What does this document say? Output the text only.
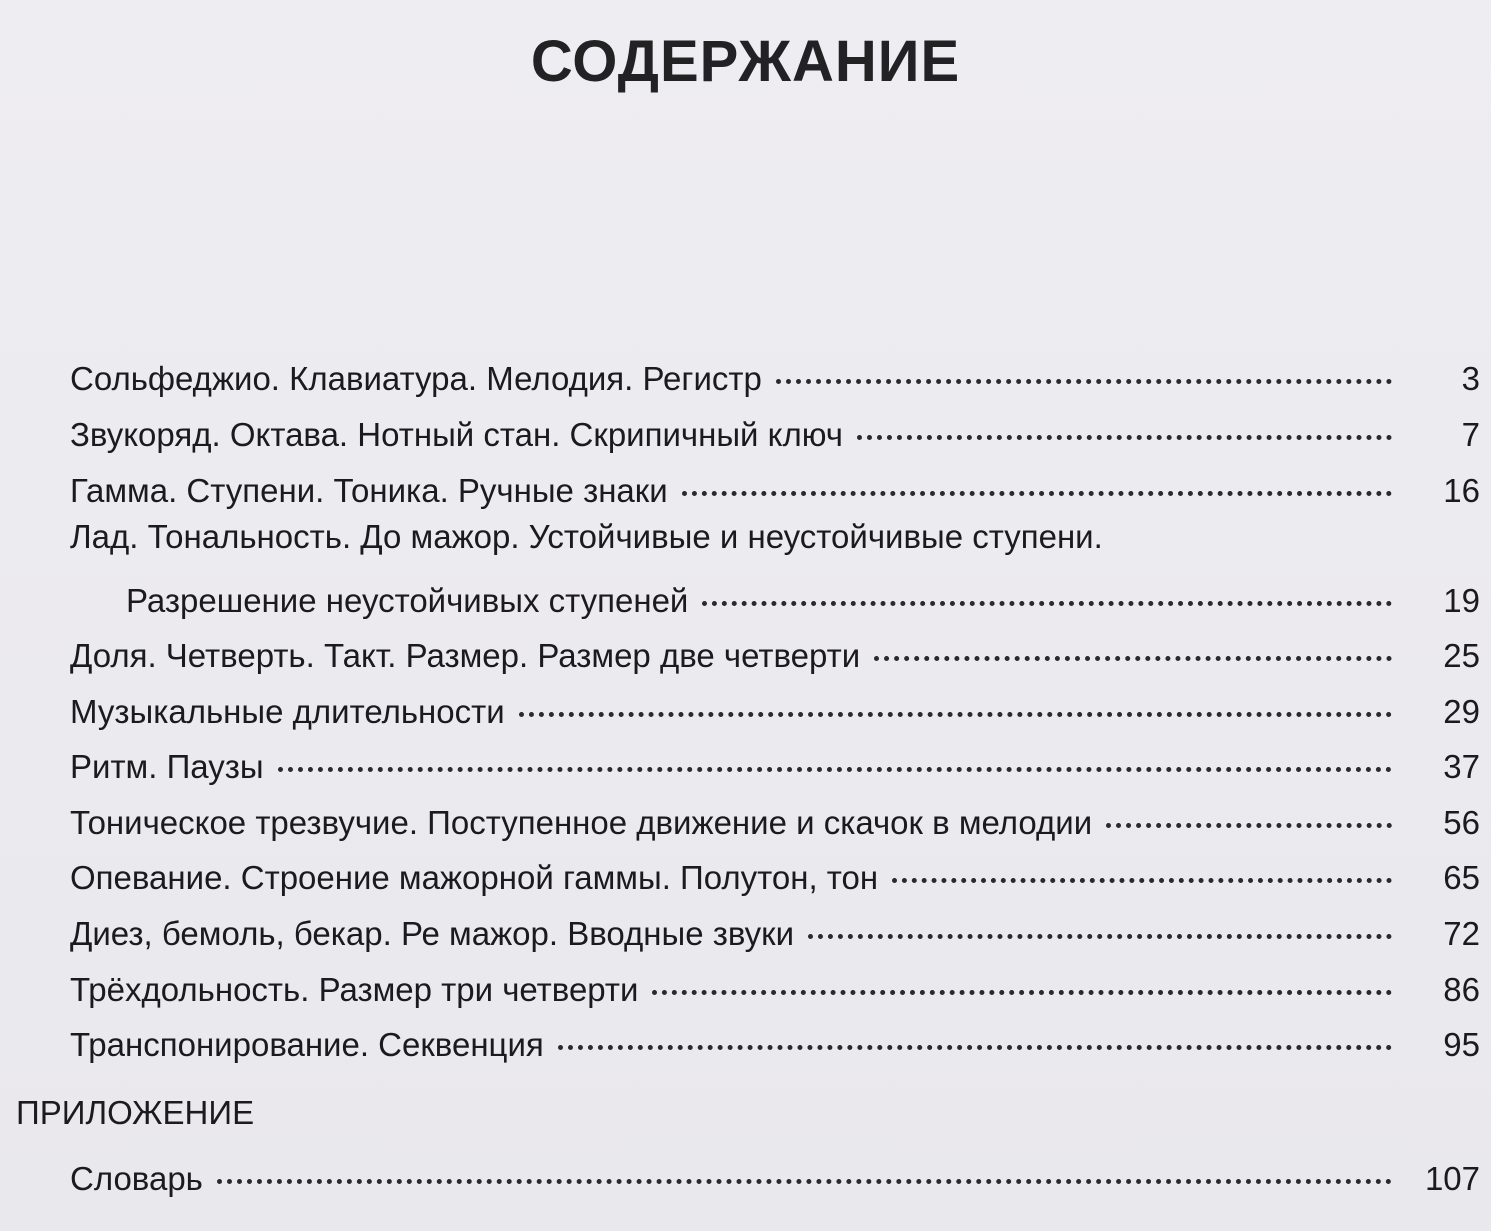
СОДЕРЖАНИЕ
Сольфеджио. Клавиатура. Мелодия. Регистр	3
Звукоряд. Октава. Нотный стан. Скрипичный ключ	7
Гамма. Ступени. Тоника. Ручные знаки	16
Лад. Тональность. До мажор. Устойчивые и неустойчивые ступени.
Разрешение неустойчивых ступеней	19
Доля. Четверть. Такт. Размер. Размер две четверти	25
Музыкальные длительности	29
Ритм. Паузы	37
Тоническое трезвучие. Поступенное движение и скачок в мелодии	56
Опевание. Строение мажорной гаммы. Полутон, тон	65
Диез, бемоль, бекар. Ре мажор. Вводные звуки	72
Трёхдольность. Размер три четверти	86
Транспонирование. Секвенция	95
ПРИЛОЖЕНИЕ
Словарь	107
